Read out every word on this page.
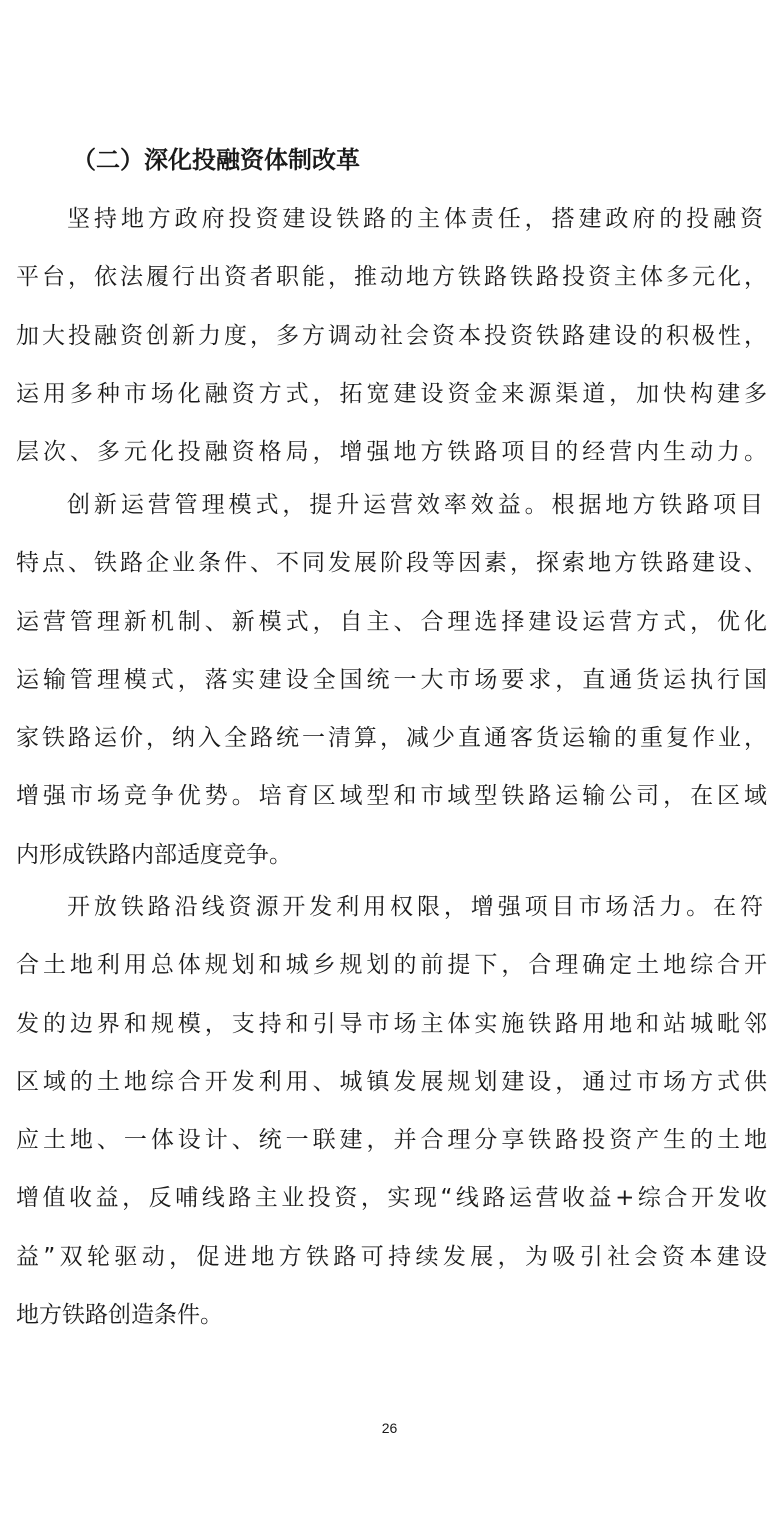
（二）深化投融资体制改革
坚持地方政府投资建设铁路的主体责任，搭建政府的投融资
平台，依法履行出资者职能，推动地方铁路铁路投资主体多元化，
加大投融资创新力度，多方调动社会资本投资铁路建设的积极性，
运用多种市场化融资方式，拓宽建设资金来源渠道，加快构建多
层次、多元化投融资格局，增强地方铁路项目的经营内生动力。
创新运营管理模式，提升运营效率效益。根据地方铁路项目
特点、铁路企业条件、不同发展阶段等因素，探索地方铁路建设、
运营管理新机制、新模式，自主、合理选择建设运营方式，优化
运输管理模式，落实建设全国统一大市场要求，直通货运执行国
家铁路运价，纳入全路统一清算，减少直通客货运输的重复作业，
增强市场竞争优势。培育区域型和市域型铁路运输公司，在区域
内形成铁路内部适度竞争。
开放铁路沿线资源开发利用权限，增强项目市场活力。在符
合土地利用总体规划和城乡规划的前提下，合理确定土地综合开
发的边界和规模，支持和引导市场主体实施铁路用地和站城毗邻
区域的土地综合开发利用、城镇发展规划建设，通过市场方式供
应土地、一体设计、统一联建，并合理分享铁路投资产生的土地
增值收益，反哺线路主业投资，实现“线路运营收益+综合开发收
益”双轮驱动，促进地方铁路可持续发展，为吸引社会资本建设
地方铁路创造条件。
26
